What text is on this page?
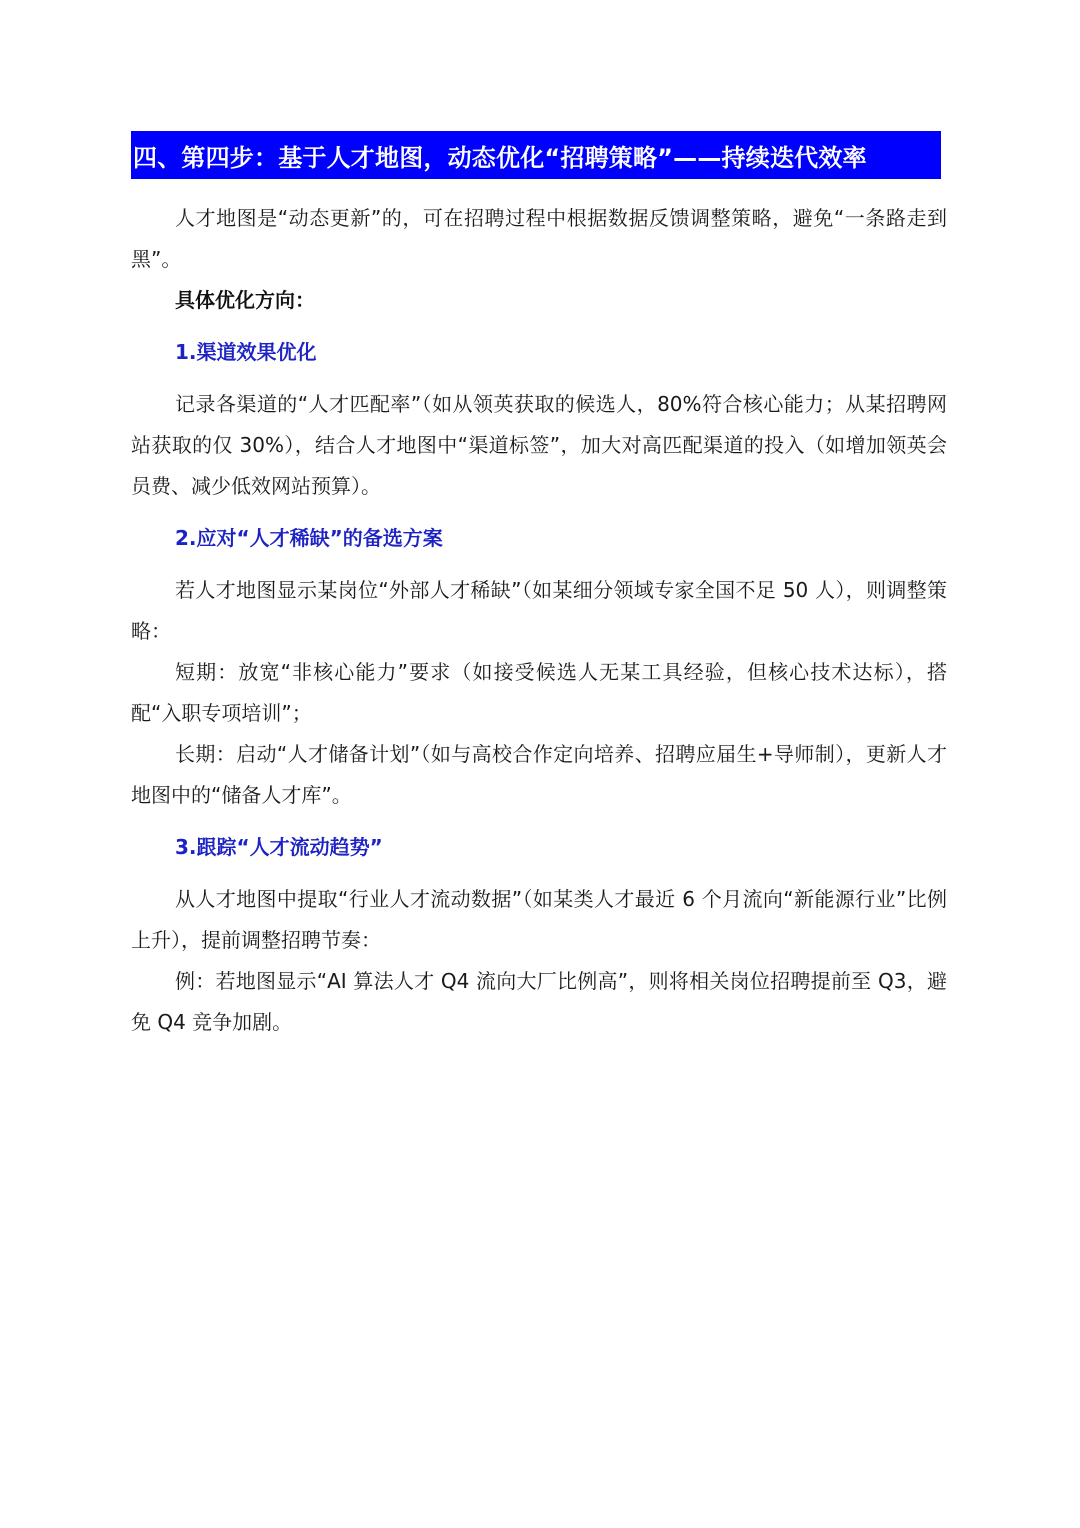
四、第四步：基于人才地图，动态优化“招聘策略”——持续迭代效率

人才地图是“动态更新”的，可在招聘过程中根据数据反馈调整策略，避免“一条路走到黑”。

具体优化方向：

1.渠道效果优化

记录各渠道的“人才匹配率”（如从领英获取的候选人，80%符合核心能力；从某招聘网站获取的仅 30%），结合人才地图中“渠道标签”，加大对高匹配渠道的投入（如增加领英会员费、减少低效网站预算）。

2.应对“人才稀缺”的备选方案

若人才地图显示某岗位“外部人才稀缺”（如某细分领域专家全国不足 50 人），则调整策略：

短期：放宽“非核心能力”要求（如接受候选人无某工具经验，但核心技术达标），搭配“入职专项培训”；

长期：启动“人才储备计划”（如与高校合作定向培养、招聘应届生+导师制），更新人才地图中的“储备人才库”。

3.跟踪“人才流动趋势”

从人才地图中提取“行业人才流动数据”（如某类人才最近 6 个月流向“新能源行业”比例上升），提前调整招聘节奏：

例：若地图显示“AI 算法人才 Q4 流向大厂比例高”，则将相关岗位招聘提前至 Q3，避免 Q4 竞争加剧。
